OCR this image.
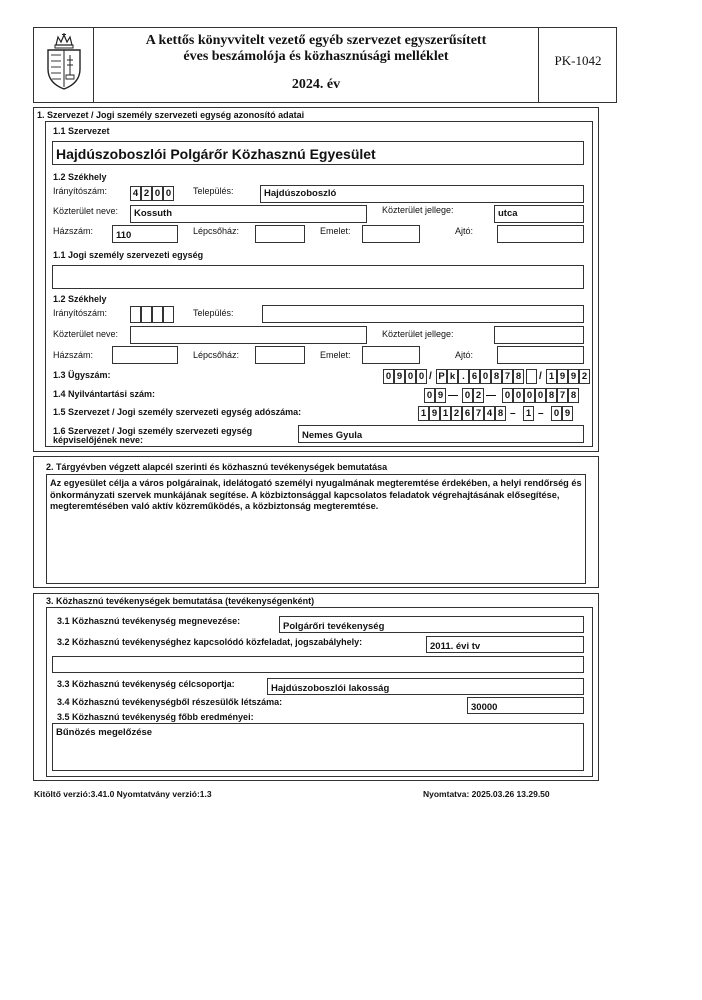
A kettős könyvvitelt vezető egyéb szervezet egyszerűsített
éves beszámolója és közhasznúsági melléklet
2024. év
PK-1042
1. Szervezet / Jogi személy szervezeti egység azonosító adatai
1.1 Szervezet
Hajdúszoboszlói Polgárőr Közhasznú Egyesület
1.2 Székhely
Irányítószám:	4 2 0 0	Település:	Hajdúszoboszló
Közterület neve:	Kossuth	Közterület jellege:	utca
Házszám:	110	Lépcsőház:	Emelet:	Ajtó:
1.1 Jogi személy szervezeti egység
1.2 Székhely
Irányítószám:	Település:
Közterület neve:	Közterület jellege:
Házszám:	Lépcsőház:	Emelet:	Ajtó:
1.3 Ügyszám:	0 9 0 0 / P k . 6 0 8 7 8 / 1 9 9 2
1.4 Nyilvántartási szám:	0 9 — 0 2 — 0 0 0 0 8 7 8
1.5 Szervezet / Jogi személy szervezeti egység adószáma:	1 9 1 2 6 7 4 8 – 1 – 0 9
1.6 Szervezet / Jogi személy szervezeti egység
képviselőjének neve:	Nemes Gyula
2. Tárgyévben végzett alapcél szerinti és közhasznú tevékenységek bemutatása
Az egyesület célja a város polgárainak, idelátogató személyi nyugalmának megteremtése érdekében, a helyi rendőrség és önkormányzati szervek munkájának segítése. A közbiztonsággal kapcsolatos feladatok végrehajtásának elősegítése, megteremtésében való aktív közreműködés, a közbiztonság megteremtése.
3. Közhasznú tevékenységek bemutatása (tevékenységenként)
3.1 Közhasznú tevékenység megnevezése:	Polgárőri tevékenység
3.2 Közhasznú tevékenységhez kapcsolódó közfeladat, jogszabályhely:	2011. évi tv
3.3 Közhasznú tevékenység célcsoportja:	Hajdúszoboszlói lakosság
3.4 Közhasznú tevékenységből részesülők létszáma:	30000
3.5 Közhasznú tevékenység főbb eredményei:
Bűnözés megelőzése
Kitöltő verzió:3.41.0 Nyomtatvány verzió:1.3	Nyomtatva: 2025.03.26 13.29.50
